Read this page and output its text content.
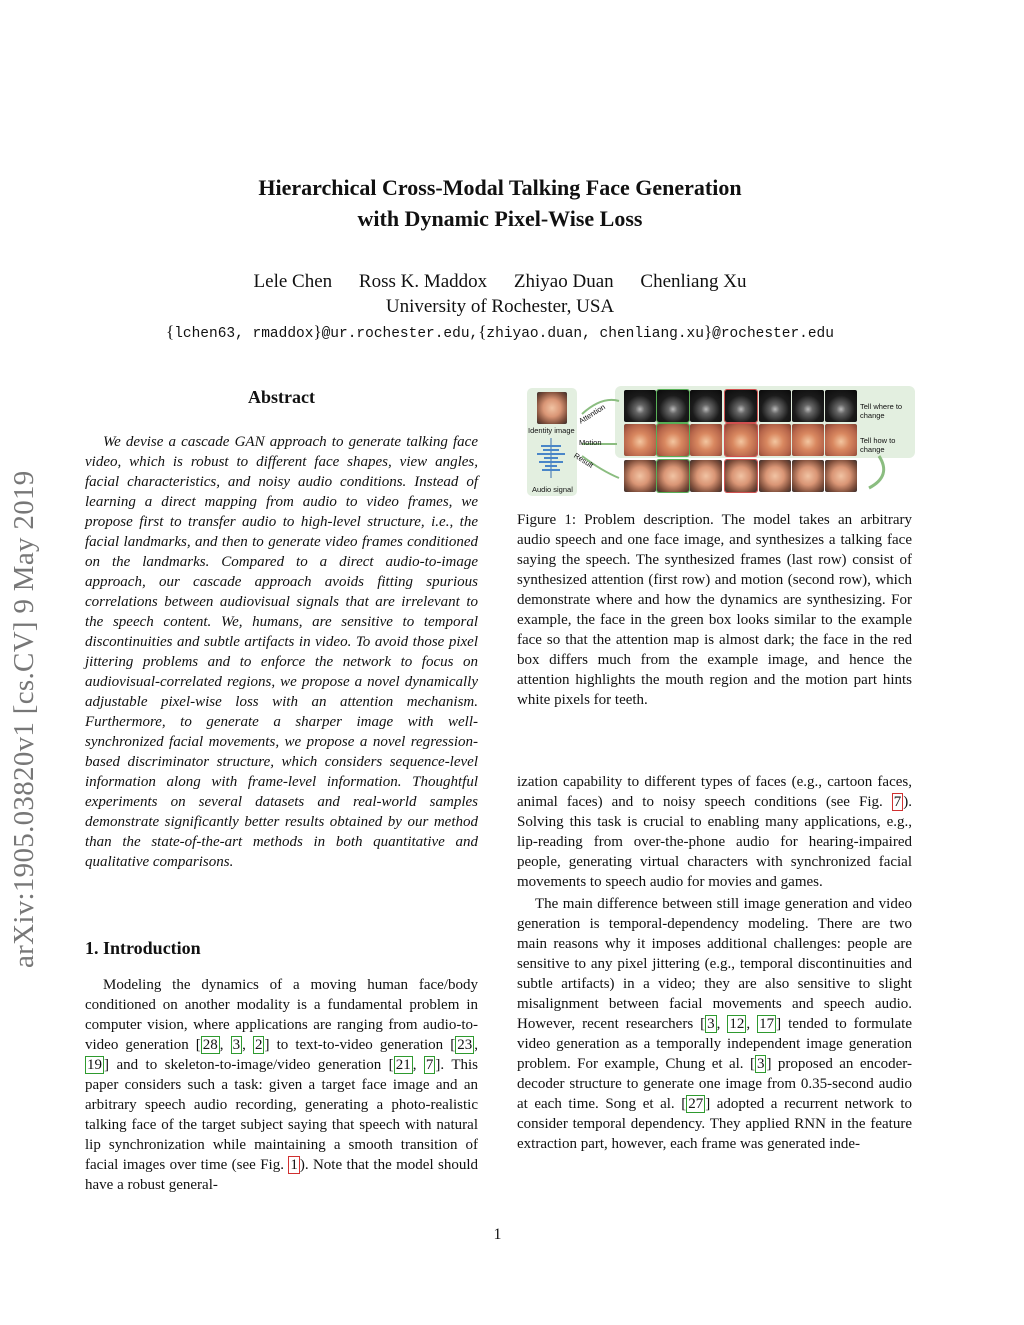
Hierarchical Cross-Modal Talking Face Generation
with Dynamic Pixel-Wise Loss
Lele Chen Ross K. Maddox Zhiyao Duan Chenliang Xu
University of Rochester, USA
{lchen63, rmaddox}@ur.rochester.edu,{zhiyao.duan, chenliang.xu}@rochester.edu
arXiv:1905.03820v1 [cs.CV] 9 May 2019
Abstract
We devise a cascade GAN approach to generate talking face video, which is robust to different face shapes, view angles, facial characteristics, and noisy audio conditions. Instead of learning a direct mapping from audio to video frames, we propose first to transfer audio to high-level structure, i.e., the facial landmarks, and then to generate video frames conditioned on the landmarks. Compared to a direct audio-to-image approach, our cascade approach avoids fitting spurious correlations between audiovisual signals that are irrelevant to the speech content. We, humans, are sensitive to temporal discontinuities and subtle artifacts in video. To avoid those pixel jittering problems and to enforce the network to focus on audiovisual-correlated regions, we propose a novel dynamically adjustable pixel-wise loss with an attention mechanism. Furthermore, to generate a sharper image with well-synchronized facial movements, we propose a novel regression-based discriminator structure, which considers sequence-level information along with frame-level information. Thoughtful experiments on several datasets and real-world samples demonstrate significantly better results obtained by our method than the state-of-the-art methods in both quantitative and qualitative comparisons.
1. Introduction

Modeling the dynamics of a moving human face/body conditioned on another modality is a fundamental problem in computer vision, where applications are ranging from audio-to-video generation [ 28 , 3 , 2 ] to text-to-video generation [ 23 , 19 ] and to skeleton-to-image/video generation [ 21 , 7 ]. This paper considers such a task: given a target face image and an arbitrary speech audio recording, generating a photo-realistic talking face of the target subject saying that speech with natural lip synchronization while maintaining a smooth transition of facial images over time (see Fig. 1 ). Note that the model should have a robust general-

ization capability to different types of faces (e.g., cartoon faces, animal faces) and to noisy speech conditions (see Fig. 7 ). Solving this task is crucial to enabling many applications, e.g., lip-reading from over-the-phone audio for hearing-impaired people, generating virtual characters with synchronized facial movements to speech audio for movies and games.

The main difference between still image generation and video generation is temporal-dependency modeling. There are two main reasons why it imposes additional challenges: people are sensitive to any pixel jittering (e.g., temporal discontinuities and subtle artifacts) in a video; they are also sensitive to slight misalignment between facial movements and speech audio. However, recent researchers [ 3 , 12 , 17 ] tended to formulate video generation as a temporally independent image generation problem. For example, Chung et al. [ 3 ] proposed an encoder-decoder structure to generate one image from 0.35-second audio at each time. Song et al. [ 27 ] adopted a recurrent network to consider temporal dependency. They applied RNN in the feature extraction part, however, each frame was generated inde-

Identity image
Audio signal
Attention
Motion
Result
Tell where to change
Tell how to change
Figure 1: Problem description. The model takes an arbitrary audio speech and one face image, and synthesizes a talking face saying the speech. The synthesized frames (last row) consist of synthesized attention (first row) and motion (second row), which demonstrate where and how the dynamics are synthesizing. For example, the face in the green box looks similar to the example face so that the attention map is almost dark; the face in the red box differs much from the example image, and hence the attention highlights the mouth region and the motion part hints white pixels for teeth.
1
